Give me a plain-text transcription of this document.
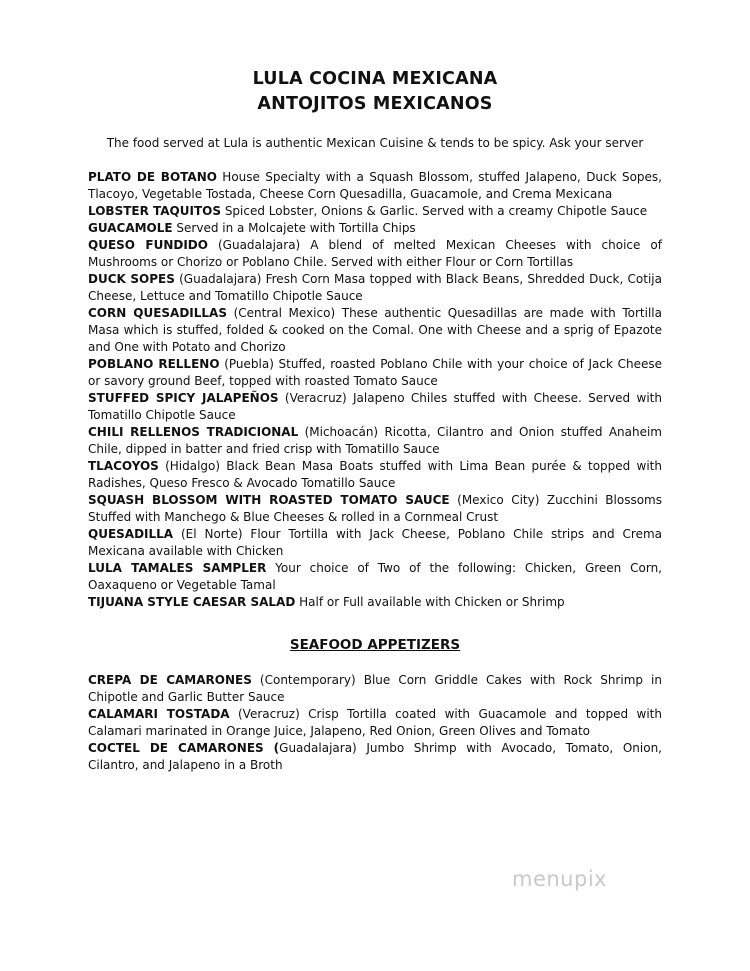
LULA COCINA MEXICANA
ANTOJITOS MEXICANOS
The food served at Lula is authentic Mexican Cuisine & tends to be spicy. Ask your server
PLATO DE BOTANO House Specialty with a Squash Blossom, stuffed Jalapeno, Duck Sopes, Tlacoyo, Vegetable Tostada, Cheese Corn Quesadilla, Guacamole, and Crema Mexicana
LOBSTER TAQUITOS Spiced Lobster, Onions & Garlic. Served with a creamy Chipotle Sauce
GUACAMOLE Served in a Molcajete with Tortilla Chips
QUESO FUNDIDO (Guadalajara) A blend of melted Mexican Cheeses with choice of Mushrooms or Chorizo or Poblano Chile. Served with either Flour or Corn Tortillas
DUCK SOPES (Guadalajara) Fresh Corn Masa topped with Black Beans, Shredded Duck, Cotija Cheese, Lettuce and Tomatillo Chipotle Sauce
CORN QUESADILLAS (Central Mexico) These authentic Quesadillas are made with Tortilla Masa which is stuffed, folded & cooked on the Comal. One with Cheese and a sprig of Epazote and One with Potato and Chorizo
POBLANO RELLENO (Puebla) Stuffed, roasted Poblano Chile with your choice of Jack Cheese or savory ground Beef, topped with roasted Tomato Sauce
STUFFED SPICY JALAPEÑOS (Veracruz) Jalapeno Chiles stuffed with Cheese. Served with Tomatillo Chipotle Sauce
CHILI RELLENOS TRADICIONAL (Michoacán) Ricotta, Cilantro and Onion stuffed Anaheim Chile, dipped in batter and fried crisp with Tomatillo Sauce
TLACOYOS (Hidalgo) Black Bean Masa Boats stuffed with Lima Bean purée & topped with Radishes, Queso Fresco & Avocado Tomatillo Sauce
SQUASH BLOSSOM WITH ROASTED TOMATO SAUCE (Mexico City) Zucchini Blossoms Stuffed with Manchego & Blue Cheeses & rolled in a Cornmeal Crust
QUESADILLA (El Norte) Flour Tortilla with Jack Cheese, Poblano Chile strips and Crema Mexicana available with Chicken
LULA TAMALES SAMPLER Your choice of Two of the following: Chicken, Green Corn, Oaxaqueno or Vegetable Tamal
TIJUANA STYLE CAESAR SALAD Half or Full available with Chicken or Shrimp
SEAFOOD APPETIZERS
CREPA DE CAMARONES (Contemporary) Blue Corn Griddle Cakes with Rock Shrimp in Chipotle and Garlic Butter Sauce
CALAMARI TOSTADA (Veracruz) Crisp Tortilla coated with Guacamole and topped with Calamari marinated in Orange Juice, Jalapeno, Red Onion, Green Olives and Tomato
COCTEL DE CAMARONES (Guadalajara) Jumbo Shrimp with Avocado, Tomato, Onion, Cilantro, and Jalapeno in a Broth
menupix
